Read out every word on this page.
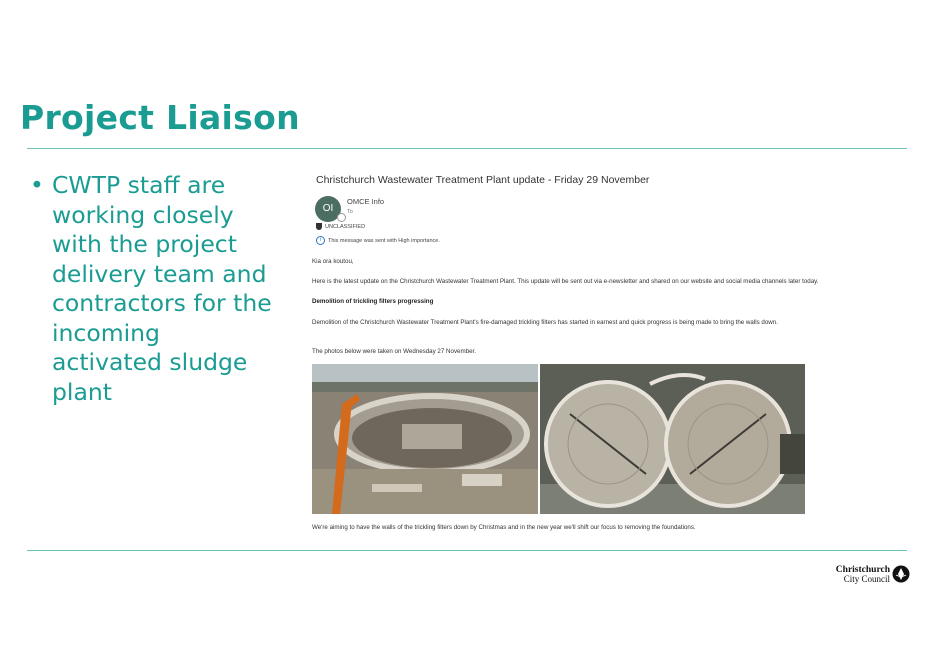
Project Liaison
• CWTP staff are working closely with the project delivery team and contractors for the incoming activated sludge plant
Christchurch Wastewater Treatment Plant update - Friday 29 November
OI
OMCE Info
To
UNCLASSIFIED
i This message was sent with High importance.
Kia ora koutou,
Here is the latest update on the Christchurch Wastewater Treatment Plant. This update will be sent out via e-newsletter and shared on our website and social media channels later today.
Demolition of trickling filters progressing
Demolition of the Christchurch Wastewater Treatment Plant's fire-damaged trickling filters has started in earnest and quick progress is being made to bring the walls down.
The photos below were taken on Wednesday 27 November.
We're aiming to have the walls of the trickling filters down by Christmas and in the new year we'll shift our focus to removing the foundations.
Christchurch
City Council
